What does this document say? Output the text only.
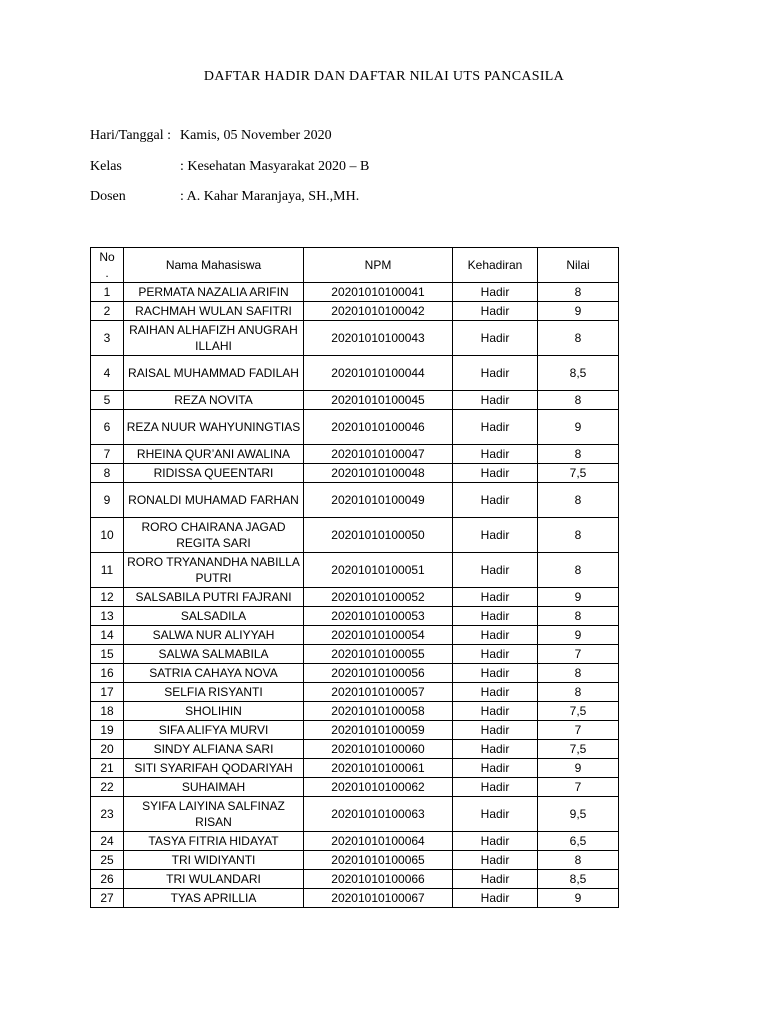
DAFTAR HADIR DAN DAFTAR NILAI UTS PANCASILA
Hari/Tanggal : Kamis, 05 November 2020
Kelas	: Kesehatan Masyarakat 2020 – B
Dosen	: A. Kahar Maranjaya, SH.,MH.
No
.	Nama Mahasiswa	NPM	Kehadiran	Nilai
1	PERMATA NAZALIA ARIFIN	20201010100041	Hadir	8
2	RACHMAH WULAN SAFITRI	20201010100042	Hadir	9
3	RAIHAN ALHAFIZH ANUGRAH ILLAHI	20201010100043	Hadir	8
4	RAISAL MUHAMMAD FADILAH	20201010100044	Hadir	8,5
5	REZA NOVITA	20201010100045	Hadir	8
6	REZA NUUR WAHYUNINGTIAS	20201010100046	Hadir	9
7	RHEINA QUR’ANI AWALINA	20201010100047	Hadir	8
8	RIDISSA QUEENTARI	20201010100048	Hadir	7,5
9	RONALDI MUHAMAD FARHAN	20201010100049	Hadir	8
10	RORO CHAIRANA JAGAD REGITA SARI	20201010100050	Hadir	8
11	RORO TRYANANDHA NABILLA PUTRI	20201010100051	Hadir	8
12	SALSABILA PUTRI FAJRANI	20201010100052	Hadir	9
13	SALSADILA	20201010100053	Hadir	8
14	SALWA NUR ALIYYAH	20201010100054	Hadir	9
15	SALWA SALMABILA	20201010100055	Hadir	7
16	SATRIA CAHAYA NOVA	20201010100056	Hadir	8
17	SELFIA RISYANTI	20201010100057	Hadir	8
18	SHOLIHIN	20201010100058	Hadir	7,5
19	SIFA ALIFYA MURVI	20201010100059	Hadir	7
20	SINDY ALFIANA SARI	20201010100060	Hadir	7,5
21	SITI SYARIFAH QODARIYAH	20201010100061	Hadir	9
22	SUHAIMAH	20201010100062	Hadir	7
23	SYIFA LAIYINA SALFINAZ RISAN	20201010100063	Hadir	9,5
24	TASYA FITRIA HIDAYAT	20201010100064	Hadir	6,5
25	TRI WIDIYANTI	20201010100065	Hadir	8
26	TRI WULANDARI	20201010100066	Hadir	8,5
27	TYAS APRILLIA	20201010100067	Hadir	9
